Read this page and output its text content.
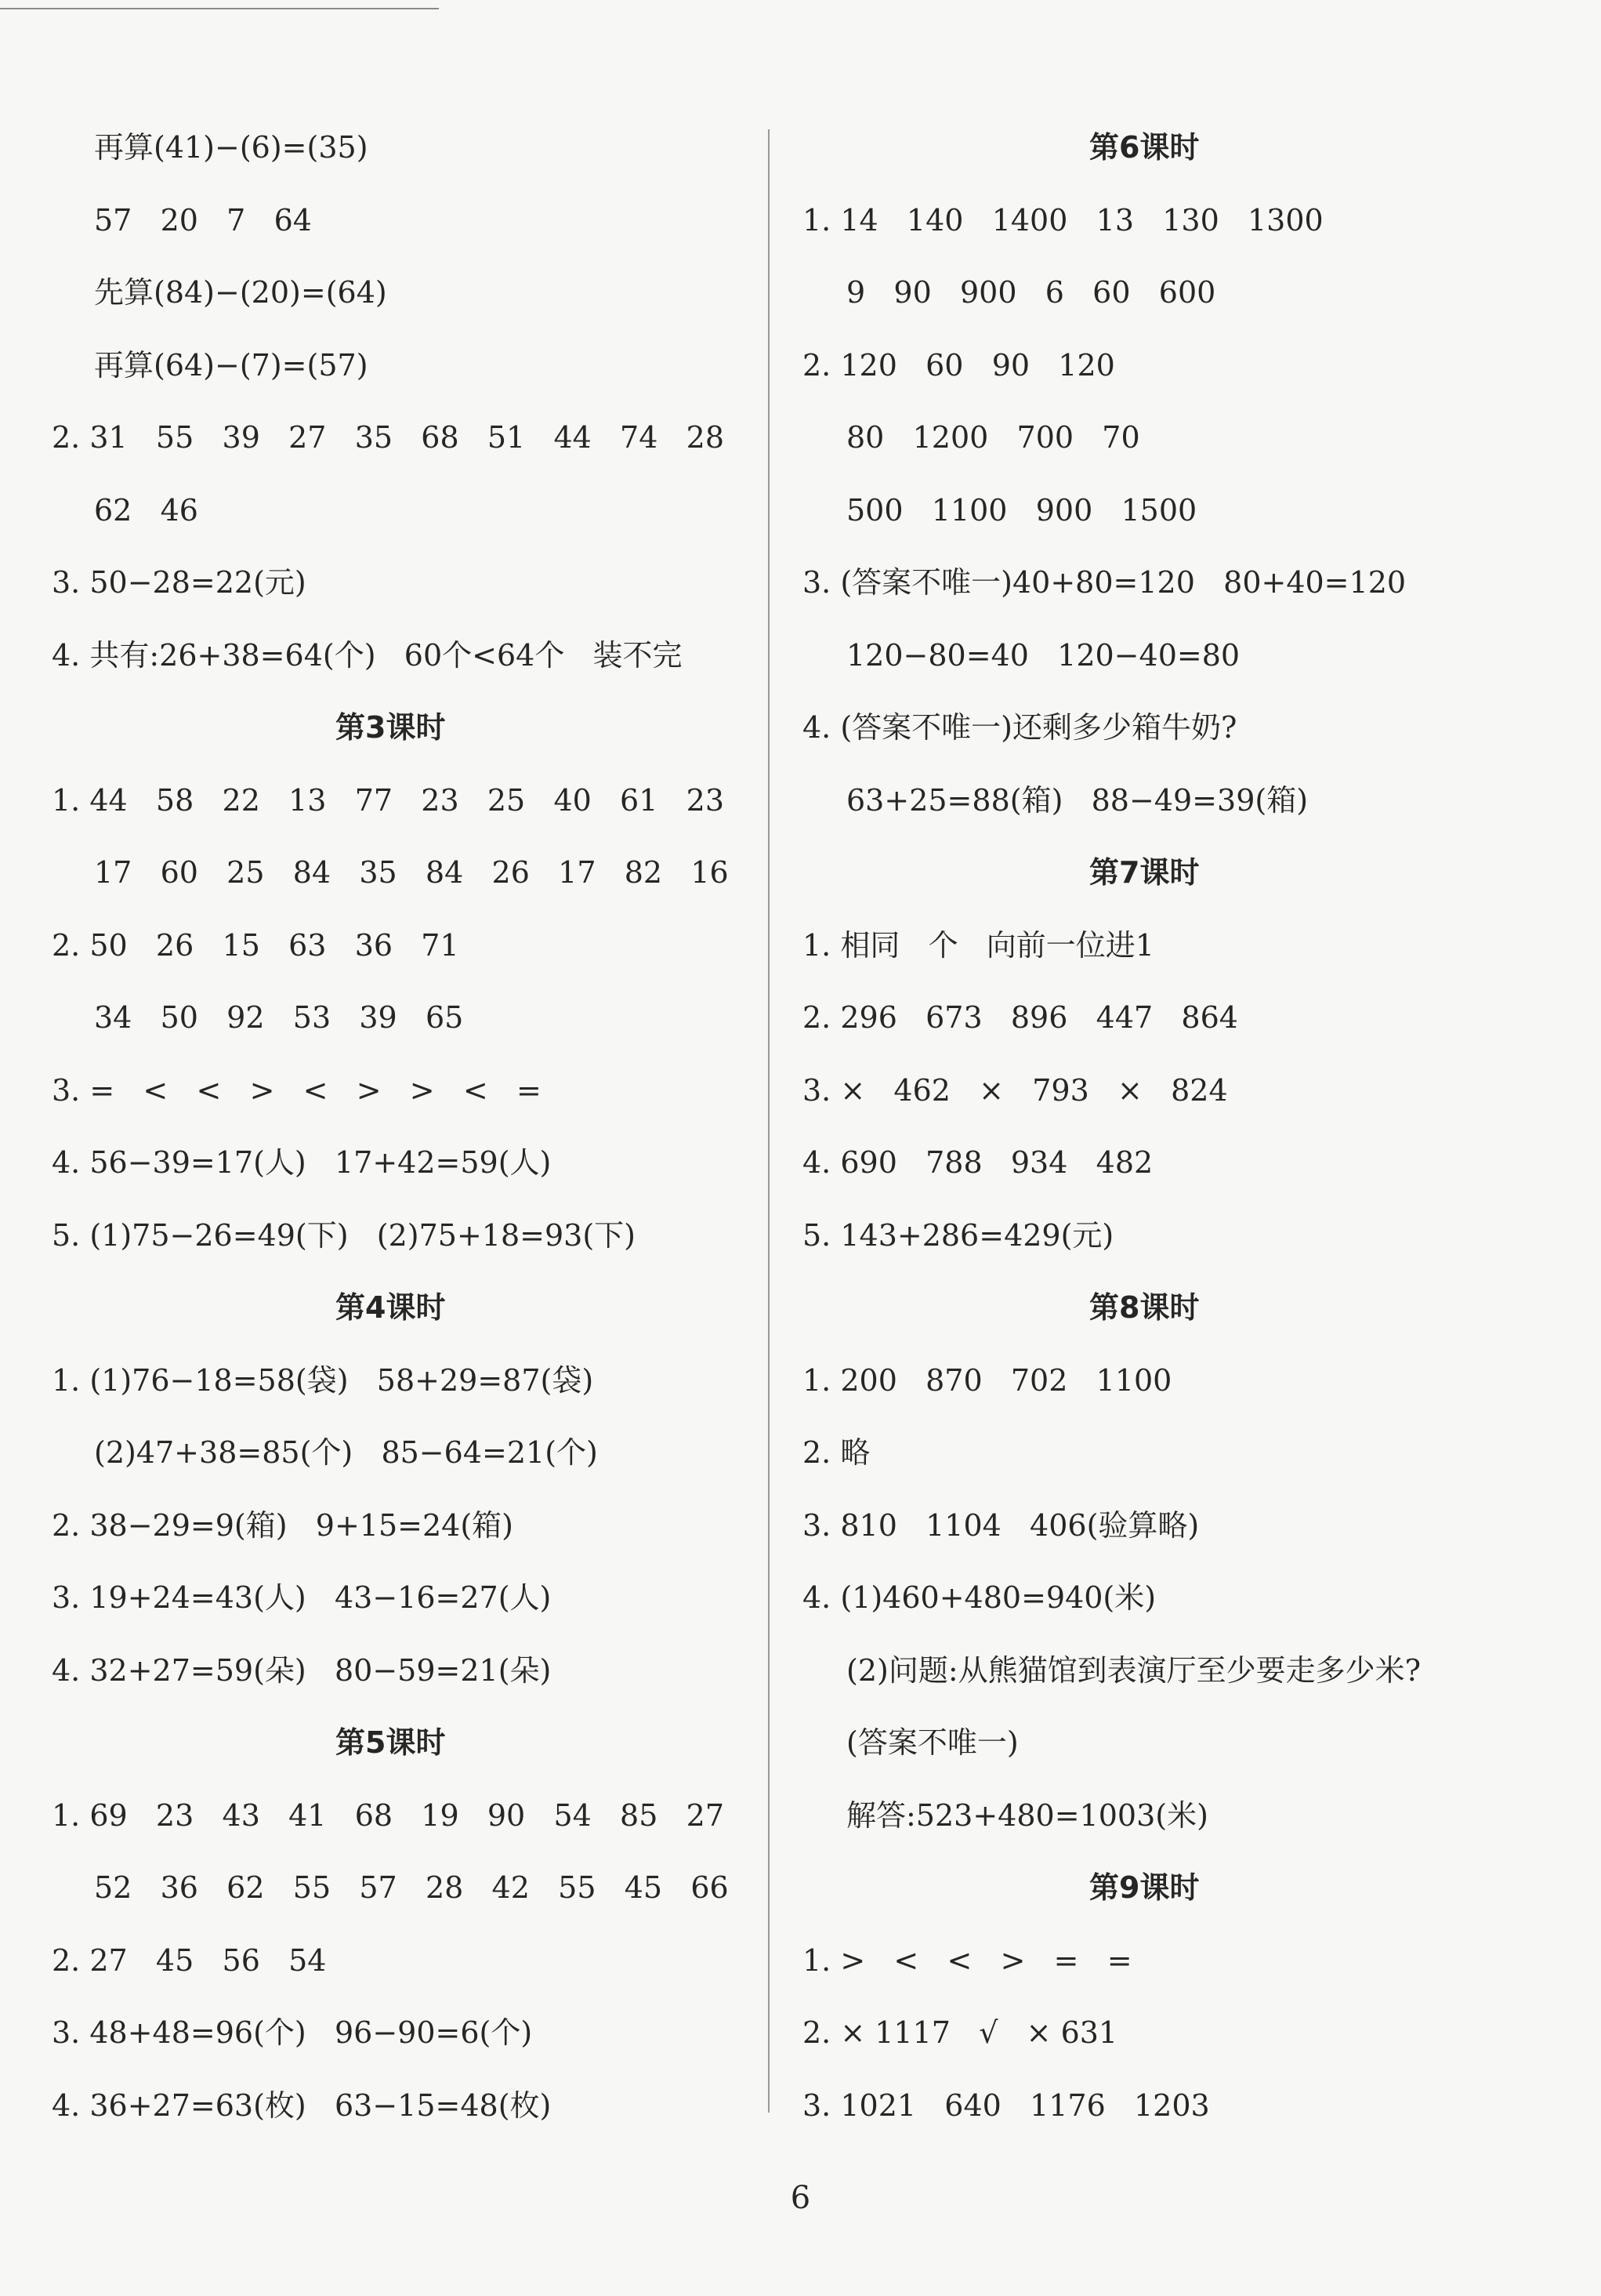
再算(41)−(6)=(35)
57   20   7   64
先算(84)−(20)=(64)
再算(64)−(7)=(57)
2. 31   55   39   27   35   68   51   44   74   28
62   46
3. 50−28=22(元)
4. 共有:26+38=64(个)   60个<64个   装不完
第3课时
1. 44   58   22   13   77   23   25   40   61   23
17   60   25   84   35   84   26   17   82   16
2. 50   26   15   63   36   71
34   50   92   53   39   65
3. =   <   <   >   <   >   >   <   =
4. 56−39=17(人)   17+42=59(人)
5. (1)75−26=49(下)   (2)75+18=93(下)
第4课时
1. (1)76−18=58(袋)   58+29=87(袋)
(2)47+38=85(个)   85−64=21(个)
2. 38−29=9(箱)   9+15=24(箱)
3. 19+24=43(人)   43−16=27(人)
4. 32+27=59(朵)   80−59=21(朵)
第5课时
1. 69   23   43   41   68   19   90   54   85   27
52   36   62   55   57   28   42   55   45   66
2. 27   45   56   54
3. 48+48=96(个)   96−90=6(个)
4. 36+27=63(枚)   63−15=48(枚)
第6课时
1. 14   140   1400   13   130   1300
9   90   900   6   60   600
2. 120   60   90   120
80   1200   700   70
500   1100   900   1500
3. (答案不唯一)40+80=120   80+40=120
120−80=40   120−40=80
4. (答案不唯一)还剩多少箱牛奶?
63+25=88(箱)   88−49=39(箱)
第7课时
1. 相同   个   向前一位进1
2. 296   673   896   447   864
3. ×   462   ×   793   ×   824
4. 690   788   934   482
5. 143+286=429(元)
第8课时
1. 200   870   702   1100
2. 略
3. 810   1104   406(验算略)
4. (1)460+480=940(米)
(2)问题:从熊猫馆到表演厅至少要走多少米?
(答案不唯一)
解答:523+480=1003(米)
第9课时
1. >   <   <   >   =   =
2. × 1117   √   × 631
3. 1021   640   1176   1203
6
